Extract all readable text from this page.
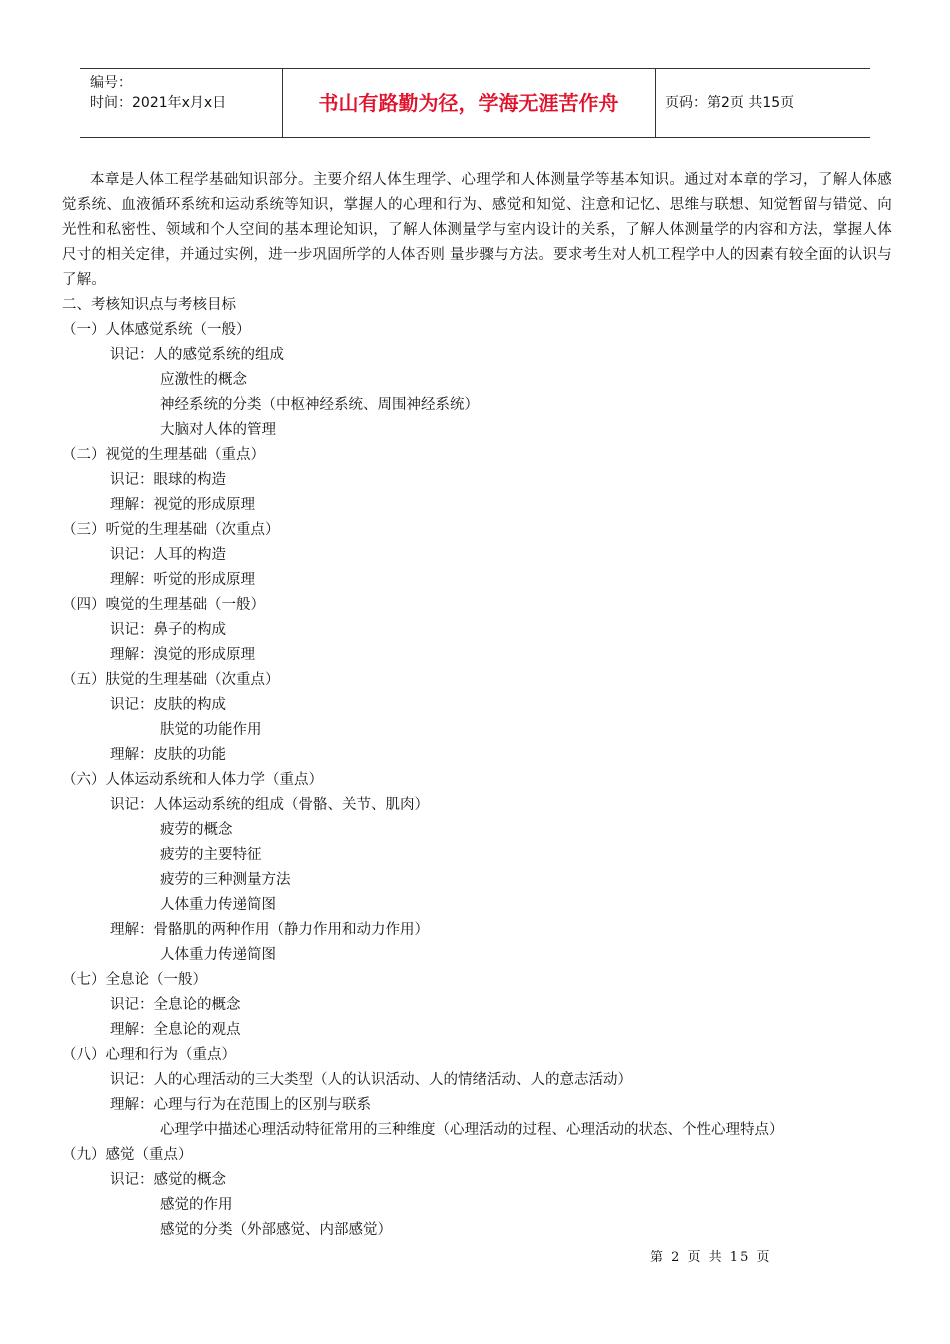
编号：
时间：2021年x月x日	书山有路勤为径，学海无涯苦作舟	页码：第2页 共15页
本章是人体工程学基础知识部分。主要介绍人体生理学、心理学和人体测量学等基本知识。通过对本章的学习，了解人体感觉系统、血液循环系统和运动系统等知识，掌握人的心理和行为、感觉和知觉、注意和记忆、思维与联想、知觉暂留与错觉、向光性和私密性、领域和个人空间的基本理论知识，了解人体测量学与室内设计的关系，了解人体测量学的内容和方法，掌握人体尺寸的相关定律，并通过实例，进一步巩固所学的人体否则 量步骤与方法。要求考生对人机工程学中人的因素有较全面的认识与了解。
二、考核知识点与考核目标
（一）人体感觉系统（一般）
识记：人的感觉系统的组成
应激性的概念
神经系统的分类（中枢神经系统、周围神经系统）
大脑对人体的管理
（二）视觉的生理基础（重点）
识记：眼球的构造
理解：视觉的形成原理
（三）听觉的生理基础（次重点）
识记：人耳的构造
理解：听觉的形成原理
（四）嗅觉的生理基础（一般）
识记：鼻子的构成
理解：溴觉的形成原理
（五）肤觉的生理基础（次重点）
识记：皮肤的构成
肤觉的功能作用
理解：皮肤的功能
（六）人体运动系统和人体力学（重点）
识记：人体运动系统的组成（骨骼、关节、肌肉）
疲劳的概念
疲劳的主要特征
疲劳的三种测量方法
人体重力传递简图
理解：骨骼肌的两种作用（静力作用和动力作用）
人体重力传递简图
（七）全息论（一般）
识记：全息论的概念
理解：全息论的观点
（八）心理和行为（重点）
识记：人的心理活动的三大类型（人的认识活动、人的情绪活动、人的意志活动）
理解：心理与行为在范围上的区别与联系
心理学中描述心理活动特征常用的三种维度（心理活动的过程、心理活动的状态、个性心理特点）
（九）感觉（重点）
识记：感觉的概念
感觉的作用
感觉的分类（外部感觉、内部感觉）
第 2 页 共 15 页
